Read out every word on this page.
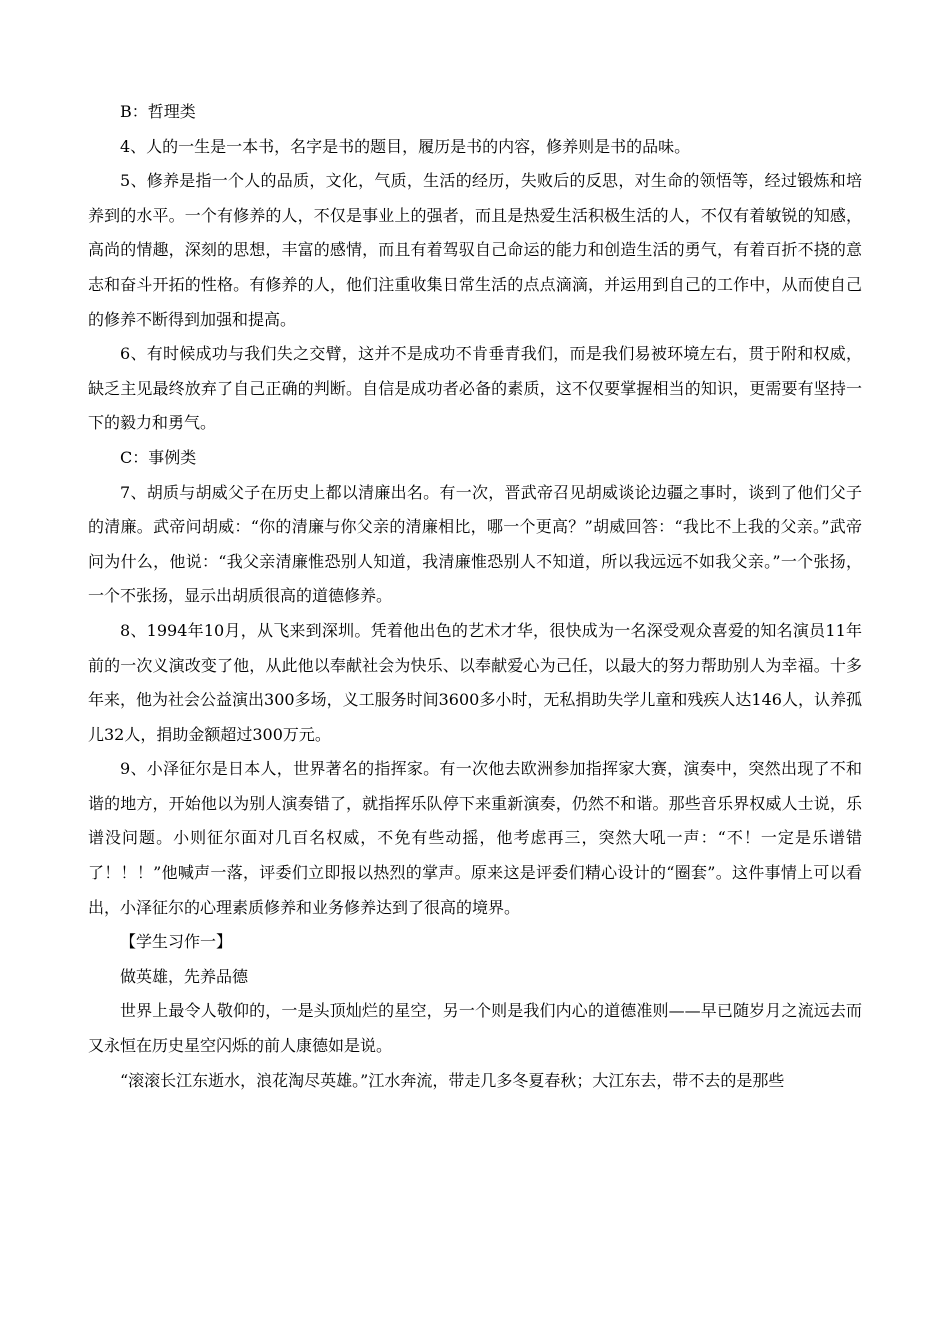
B：哲理类

4、人的一生是一本书，名字是书的题目，履历是书的内容，修养则是书的品味。

5、修养是指一个人的品质，文化，气质，生活的经历，失败后的反思，对生命的领悟等，经过锻炼和培养到的水平。一个有修养的人，不仅是事业上的强者，而且是热爱生活积极生活的人，不仅有着敏锐的知感，高尚的情趣，深刻的思想，丰富的感情，而且有着驾驭自己命运的能力和创造生活的勇气，有着百折不挠的意志和奋斗开拓的性格。有修养的人，他们注重收集日常生活的点点滴滴，并运用到自己的工作中，从而使自己的修养不断得到加强和提高。

6、有时候成功与我们失之交臂，这并不是成功不肯垂青我们，而是我们易被环境左右，贯于附和权威，缺乏主见最终放弃了自己正确的判断。自信是成功者必备的素质，这不仅要掌握相当的知识，更需要有坚持一下的毅力和勇气。

C：事例类

7、胡质与胡威父子在历史上都以清廉出名。有一次，晋武帝召见胡威谈论边疆之事时，谈到了他们父子的清廉。武帝问胡威：“你的清廉与你父亲的清廉相比，哪一个更高？”胡威回答：“我比不上我的父亲。”武帝问为什么，他说：“我父亲清廉惟恐别人知道，我清廉惟恐别人不知道，所以我远远不如我父亲。”一个张扬，一个不张扬，显示出胡质很高的道德修养。

8、1994年10月，从飞来到深圳。凭着他出色的艺术才华，很快成为一名深受观众喜爱的知名演员11年前的一次义演改变了他，从此他以奉献社会为快乐、以奉献爱心为己任，以最大的努力帮助别人为幸福。十多年来，他为社会公益演出300多场，义工服务时间3600多小时，无私捐助失学儿童和残疾人达146人，认养孤儿32人，捐助金额超过300万元。

9、小泽征尔是日本人，世界著名的指挥家。有一次他去欧洲参加指挥家大赛，演奏中，突然出现了不和谐的地方，开始他以为别人演奏错了，就指挥乐队停下来重新演奏，仍然不和谐。那些音乐界权威人士说，乐谱没问题。小则征尔面对几百名权威，不免有些动摇，他考虑再三，突然大吼一声：“不！一定是乐谱错了！！！”他喊声一落，评委们立即报以热烈的掌声。原来这是评委们精心设计的“圈套”。这件事情上可以看出，小泽征尔的心理素质修养和业务修养达到了很高的境界。

【学生习作一】

做英雄，先养品德

世界上最令人敬仰的，一是头顶灿烂的星空，另一个则是我们内心的道德准则——早已随岁月之流远去而又永恒在历史星空闪烁的前人康德如是说。

“滚滚长江东逝水，浪花淘尽英雄。”江水奔流，带走几多冬夏春秋；大江东去，带不去的是那些
